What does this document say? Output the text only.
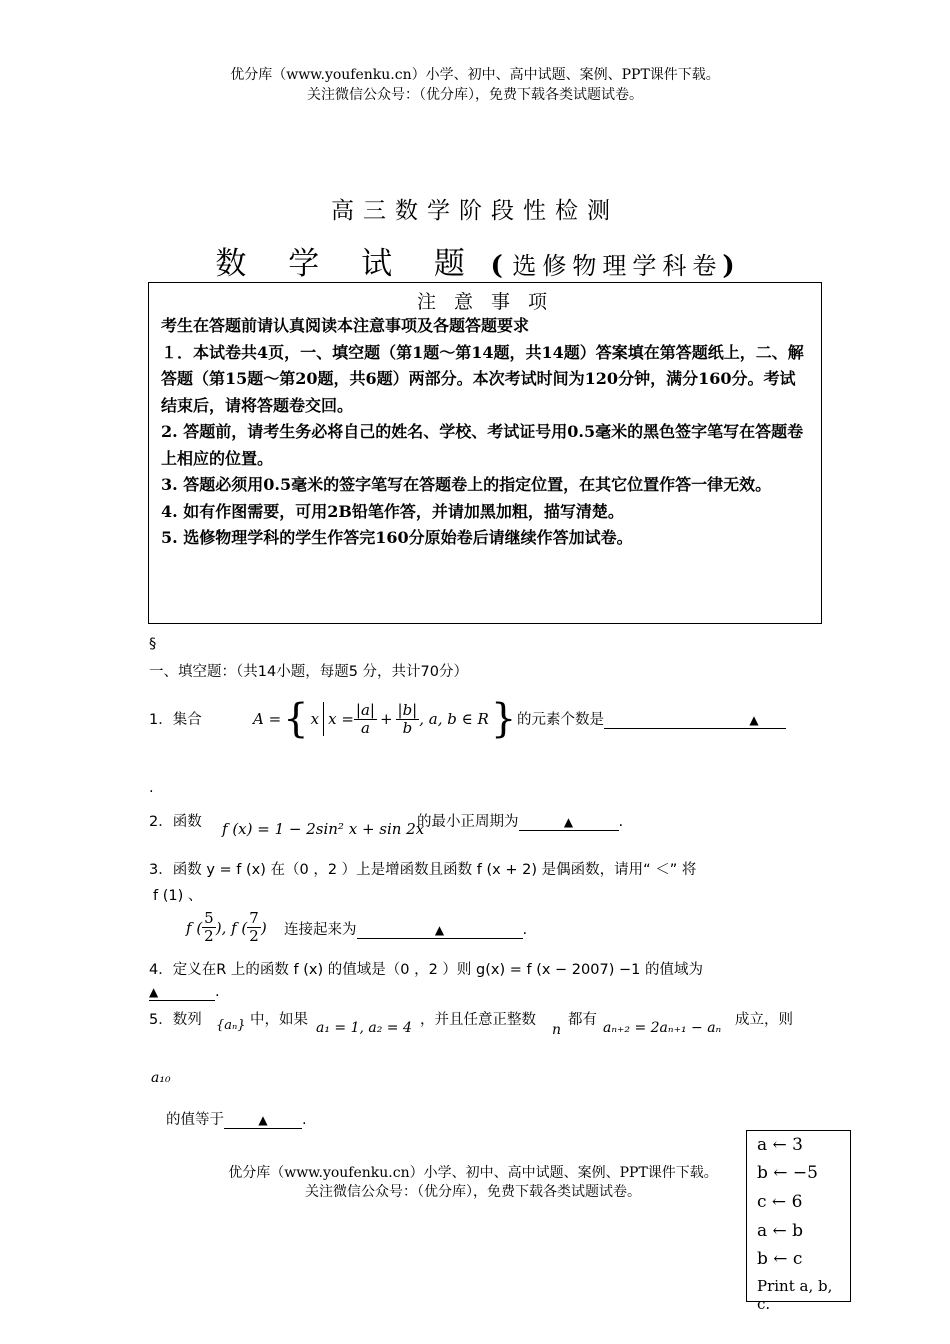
优分库（www.youfenku.cn）小学、初中、高中试题、案例、PPT课件下载。
关注微信公众号：（优分库），免费下载各类试题试卷。
高三数学阶段性检测
数 学 试 题 ( 选修物理学科卷)
注 意 事 项

考生在答题前请认真阅读本注意事项及各题答题要求

１．本试卷共4页，一、填空题（第1题～第14题，共14题）答案填在第答题纸上，二、解答题（第15题～第20题，共6题）两部分。本次考试时间为120分钟，满分160分。考试结束后，请将答题卷交回。

2. 答题前，请考生务必将自己的姓名、学校、考试证号用0.5毫米的黑色签字笔写在答题卷上相应的位置。

3. 答题必须用0.5毫米的签字笔写在答题卷上的指定位置，在其它位置作答一律无效。

4. 如有作图需要，可用2B铅笔作答，并请加黑加粗，描写清楚。

5. 选修物理学科的学生作答完160分原始卷后请继续作答加试卷。

§
一、填空题：（共14小题，每题5 分，共计70分）
1．集合	A = { x $x = \frac{|a|}{a} + \frac{|b|}{b}$ , a, b ∈ R } 的元素个数是	▲
.
2．函数 f (x) = 1 − 2sin² x + sin 2x
的最小正周期为	▲	.
3．函数 y = f (x) 在（0 ，2 ）上是增函数且函数 f (x + 2) 是偶函数，请用“ ＜” 将
f (1) 、
f ( $\frac{5}{2}$ ), f ( $\frac{7}{2}$ ) 连接起来为	▲	.
4．定义在R 上的函数 f (x) 的值域是（0 ，2 ）则 g(x) = f (x − 2007) −1 的值域为
▲	.
5．数列 {aₙ} 中，如果 a₁ = 1, a₂ = 4 ，并且任意正整数
n
都有 aₙ₊₂ = 2aₙ₊₁ − aₙ 成立，则
a₁₀
的值等于	▲ .
a ← 3
b ← −5
c ← 6
a ← b
b ← c
Print a, b, c.
优分库（www.youfenku.cn）小学、初中、高中试题、案例、PPT课件下载。
关注微信公众号：（优分库），免费下载各类试题试卷。
